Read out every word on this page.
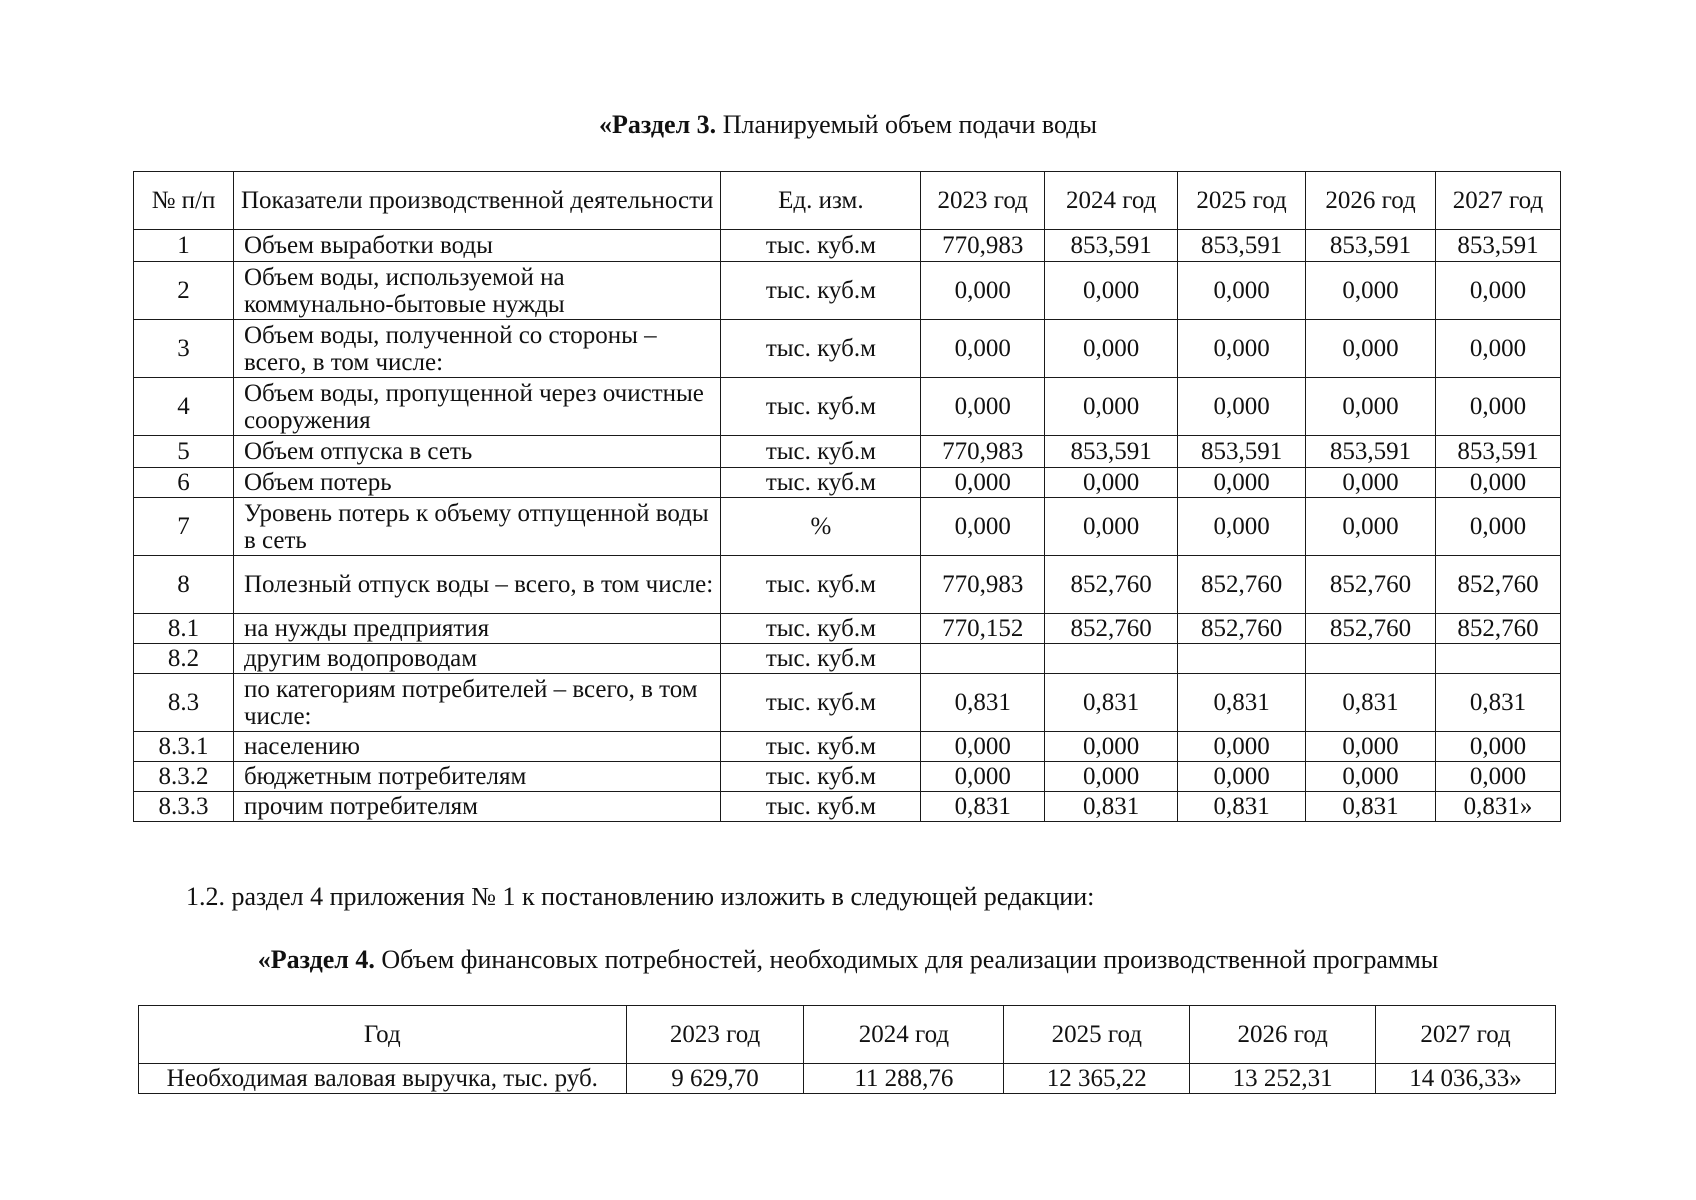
«Раздел 3. Планируемый объем подачи воды
№ п/п	Показатели производственной деятельности	Ед. изм.	2023 год	2024 год	2025 год	2026 год	2027 год
1	Объем выработки воды	тыс. куб.м	770,983	853,591	853,591	853,591	853,591
2	Объем воды, используемой на коммунально-бытовые нужды	тыс. куб.м	0,000	0,000	0,000	0,000	0,000
3	Объем воды, полученной со стороны – всего, в том числе:	тыс. куб.м	0,000	0,000	0,000	0,000	0,000
4	Объем воды, пропущенной через очистные сооружения	тыс. куб.м	0,000	0,000	0,000	0,000	0,000
5	Объем отпуска в сеть	тыс. куб.м	770,983	853,591	853,591	853,591	853,591
6	Объем потерь	тыс. куб.м	0,000	0,000	0,000	0,000	0,000
7	Уровень потерь к объему отпущенной воды в сеть	%	0,000	0,000	0,000	0,000	0,000
8	Полезный отпуск воды – всего, в том числе:	тыс. куб.м	770,983	852,760	852,760	852,760	852,760
8.1	на нужды предприятия	тыс. куб.м	770,152	852,760	852,760	852,760	852,760
8.2	другим водопроводам	тыс. куб.м					
8.3	по категориям потребителей – всего, в том числе:	тыс. куб.м	0,831	0,831	0,831	0,831	0,831
8.3.1	населению	тыс. куб.м	0,000	0,000	0,000	0,000	0,000
8.3.2	бюджетным потребителям	тыс. куб.м	0,000	0,000	0,000	0,000	0,000
8.3.3	прочим потребителям	тыс. куб.м	0,831	0,831	0,831	0,831	0,831»
1.2. раздел 4 приложения № 1 к постановлению изложить в следующей редакции:
«Раздел 4. Объем финансовых потребностей, необходимых для реализации производственной программы
Год	2023 год	2024 год	2025 год	2026 год	2027 год
Необходимая валовая выручка, тыс. руб.	9 629,70	11 288,76	12 365,22	13 252,31	14 036,33»
